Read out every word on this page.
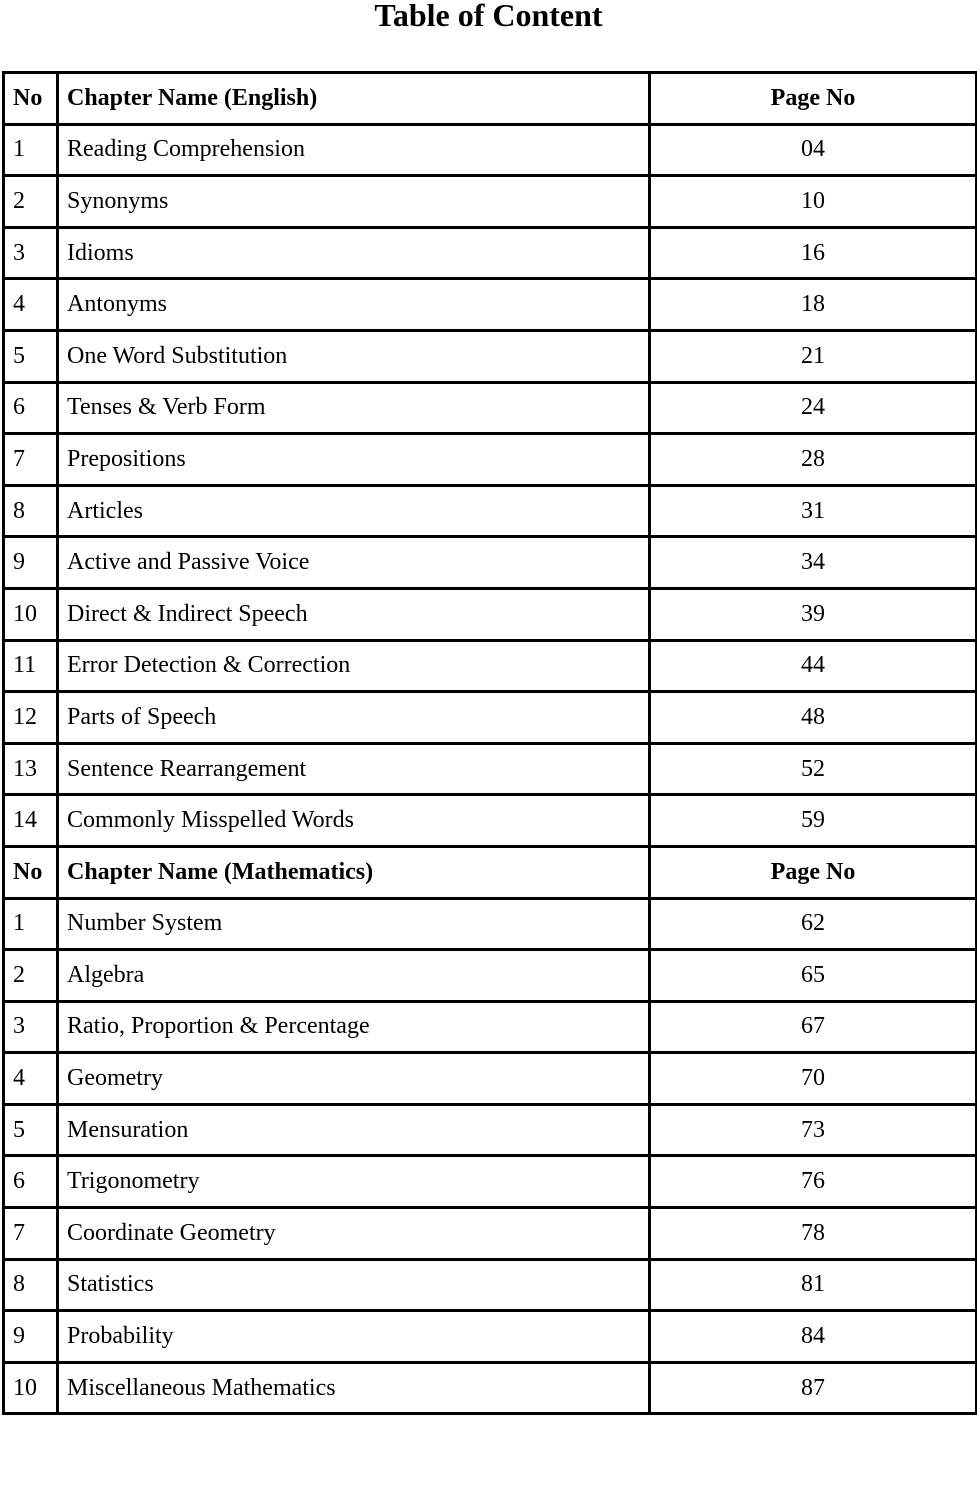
Table of Content
No	Chapter Name (English)	Page No
1	Reading Comprehension	04
2	Synonyms	10
3	Idioms	16
4	Antonyms	18
5	One Word Substitution	21
6	Tenses & Verb Form	24
7	Prepositions	28
8	Articles	31
9	Active and Passive Voice	34
10	Direct & Indirect Speech	39
11	Error Detection & Correction	44
12	Parts of Speech	48
13	Sentence Rearrangement	52
14	Commonly Misspelled Words	59
No	Chapter Name (Mathematics)	Page No
1	Number System	62
2	Algebra	65
3	Ratio, Proportion & Percentage	67
4	Geometry	70
5	Mensuration	73
6	Trigonometry	76
7	Coordinate Geometry	78
8	Statistics	81
9	Probability	84
10	Miscellaneous Mathematics	87
